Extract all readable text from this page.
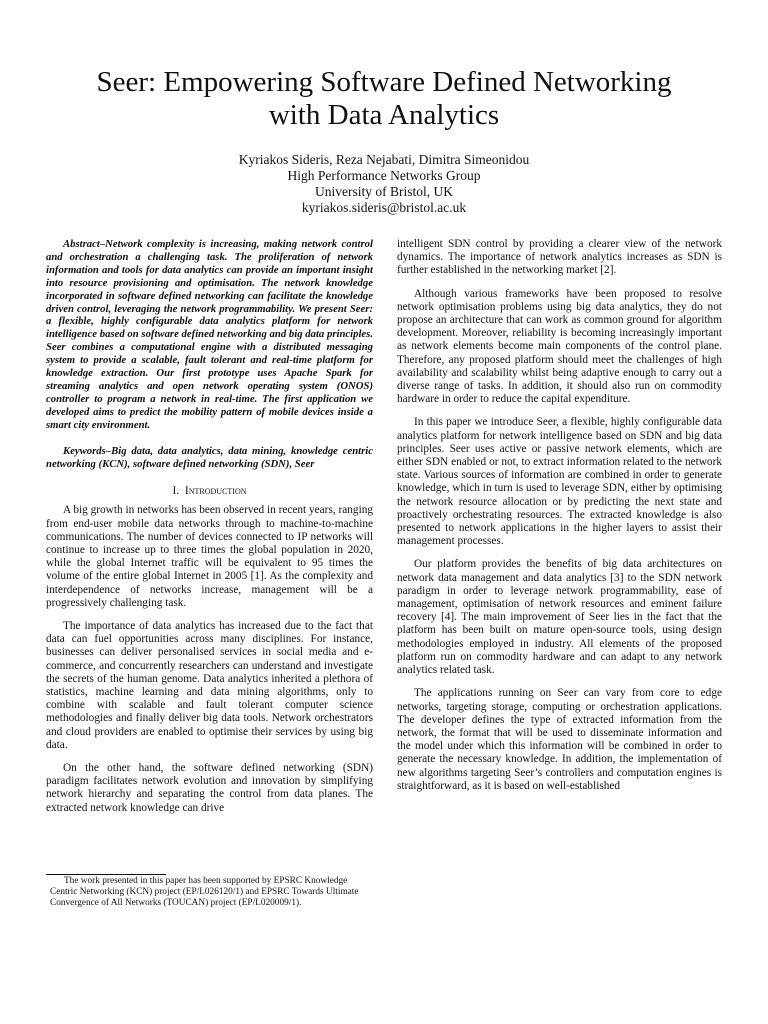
Seer: Empowering Software Defined Networking
with Data Analytics
Kyriakos Sideris, Reza Nejabati, Dimitra Simeonidou
High Performance Networks Group
University of Bristol, UK
kyriakos.sideris@bristol.ac.uk

Abstract–Network complexity is increasing, making network control and orchestration a challenging task. The proliferation of network information and tools for data analytics can provide an important insight into resource provisioning and optimisation. The network knowledge incorporated in software defined networking can facilitate the knowledge driven control, leveraging the network programmability. We present Seer: a flexible, highly configurable data analytics platform for network intelligence based on software defined networking and big data principles. Seer combines a computational engine with a distributed messaging system to provide a scalable, fault tolerant and real-time platform for knowledge extraction. Our first prototype uses Apache Spark for streaming analytics and open network operating system (ONOS) controller to program a network in real-time. The first application we developed aims to predict the mobility pattern of mobile devices inside a smart city environment.

Keywords–Big data, data analytics, data mining, knowledge centric networking (KCN), software defined networking (SDN), Seer

I. Introduction

A big growth in networks has been observed in recent years, ranging from end-user mobile data networks through to machine-to-machine communications. The number of devices connected to IP networks will continue to increase up to three times the global population in 2020, while the global Internet traffic will be equivalent to 95 times the volume of the entire global Internet in 2005 [1]. As the complexity and interdependence of networks increase, management will be a progressively challenging task.

The importance of data analytics has increased due to the fact that data can fuel opportunities across many disciplines. For instance, businesses can deliver personalised services in social media and e-commerce, and concurrently researchers can understand and investigate the secrets of the human genome. Data analytics inherited a plethora of statistics, machine learning and data mining algorithms, only to combine with scalable and fault tolerant computer science methodologies and finally deliver big data tools. Network orchestrators and cloud providers are enabled to optimise their services by using big data.

On the other hand, the software defined networking (SDN) paradigm facilitates network evolution and innovation by simplifying network hierarchy and separating the control from data planes. The extracted network knowledge can drive

intelligent SDN control by providing a clearer view of the network dynamics. The importance of network analytics increases as SDN is further established in the networking market [2].

Although various frameworks have been proposed to resolve network optimisation problems using big data analytics, they do not propose an architecture that can work as common ground for algorithm development. Moreover, reliability is becoming increasingly important as network elements become main components of the control plane. Therefore, any proposed platform should meet the challenges of high availability and scalability whilst being adaptive enough to carry out a diverse range of tasks. In addition, it should also run on commodity hardware in order to reduce the capital expenditure.

In this paper we introduce Seer, a flexible, highly configurable data analytics platform for network intelligence based on SDN and big data principles. Seer uses active or passive network elements, which are either SDN enabled or not, to extract information related to the network state. Various sources of information are combined in order to generate knowledge, which in turn is used to leverage SDN, either by optimising the network resource allocation or by predicting the next state and proactively orchestrating resources. The extracted knowledge is also presented to network applications in the higher layers to assist their management processes.

Our platform provides the benefits of big data architectures on network data management and data analytics [3] to the SDN network paradigm in order to leverage network programmability, ease of management, optimisation of network resources and eminent failure recovery [4]. The main improvement of Seer lies in the fact that the platform has been built on mature open-source tools, using design methodologies employed in industry. All elements of the proposed platform run on commodity hardware and can adapt to any network analytics related task.

The applications running on Seer can vary from core to edge networks, targeting storage, computing or orchestration applications. The developer defines the type of extracted information from the network, the format that will be used to disseminate information and the model under which this information will be combined in order to generate the necessary knowledge. In addition, the implementation of new algorithms targeting Seer’s controllers and computation engines is straightforward, as it is based on well-established

The work presented in this paper has been supported by EPSRC Knowledge Centric Networking (KCN) project (EP/L026120/1) and EPSRC Towards Ultimate Convergence of All Networks (TOUCAN) project (EP/L020009/1).
